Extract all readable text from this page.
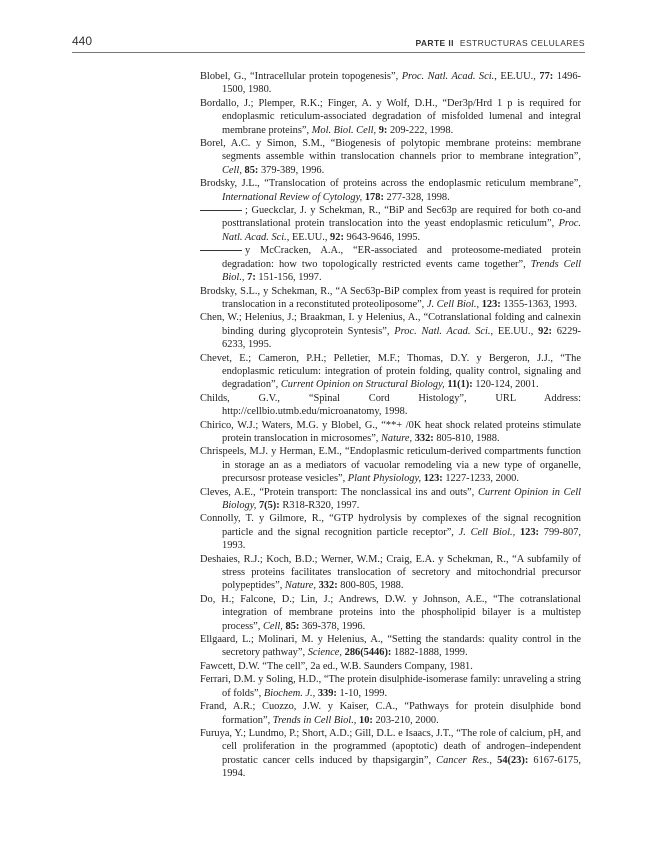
440	PARTE II ESTRUCTURAS CELULARES
Blobel, G., “Intracellular protein topogenesis”, Proc. Natl. Acad. Sci., EE.UU., 77: 1496-1500, 1980.
Bordallo, J.; Plemper, R.K.; Finger, A. y Wolf, D.H., “Der3p/Hrd 1 p is required for endoplasmic reticulum-associated degradation of misfolded lumenal and integral membrane proteins”, Mol. Biol. Cell, 9: 209-222, 1998.
Borel, A.C. y Simon, S.M., “Biogenesis of polytopic membrane proteins: membrane segments assemble within translocation channels prior to membrane integration”, Cell, 85: 379-389, 1996.
Brodsky, J.L., “Translocation of proteins across the endoplasmic reticulum membrane”, International Review of Cytology, 178: 277-328, 1998.
; Gueckclar, J. y Schekman, R., “BiP and Sec63p are required for both co-and posttranslational protein translocation into the yeast endoplasmic reticulum”, Proc. Natl. Acad. Sci., EE.UU., 92: 9643-9646, 1995.
y McCracken, A.A., “ER-associated and proteosome-mediated protein degradation: how two topologically restricted events came together”, Trends Cell Biol., 7: 151-156, 1997.
Brodsky, S.L., y Schekman, R., “A Sec63p-BiP complex from yeast is required for protein translocation in a reconstituted proteoliposome”, J. Cell Biol., 123: 1355-1363, 1993.
Chen, W.; Helenius, J.; Braakman, I. y Helenius, A., “Cotranslational folding and calnexin binding during glycoprotein Syntesis”, Proc. Natl. Acad. Sci., EE.UU., 92: 6229-6233, 1995.
Chevet, E.; Cameron, P.H.; Pelletier, M.F.; Thomas, D.Y. y Bergeron, J.J., “The endoplasmic reticulum: integration of protein folding, quality control, signaling and degradation”, Current Opinion on Structural Biology, 11(1): 120-124, 2001.
Childs, G.V., “Spinal Cord Histology”, URL Address: http://cellbio.utmb.edu/microanatomy, 1998.
Chirico, W.J.; Waters, M.G. y Blobel, G., “**+ /0K heat shock related proteins stimulate protein translocation in microsomes”, Nature, 332: 805-810, 1988.
Chrispeels, M.J. y Herman, E.M., “Endoplasmic reticulum-derived compartments function in storage an as a mediators of vacuolar remodeling via a new type of organelle, precursosr protease vesicles”, Plant Physiology, 123: 1227-1233, 2000.
Cleves, A.E., “Protein transport: The nonclassical ins and outs”, Current Opinion in Cell Biology, 7(5): R318-R320, 1997.
Connolly, T. y Gilmore, R., “GTP hydrolysis by complexes of the signal recognition particle and the signal recognition particle receptor”, J. Cell Biol., 123: 799-807, 1993.
Deshaies, R.J.; Koch, B.D.; Werner, W.M.; Craig, E.A. y Schekman, R., “A subfamily of stress proteins facilitates translocation of secretory and mitochondrial precursor polypeptides”, Nature, 332: 800-805, 1988.
Do, H.; Falcone, D.; Lin, J.; Andrews, D.W. y Johnson, A.E., “The cotranslational integration of membrane proteins into the phospholipid bilayer is a multistep process”, Cell, 85: 369-378, 1996.
Ellgaard, L.; Molinari, M. y Helenius, A., “Setting the standards: quality control in the secretory pathway”, Science, 286(5446): 1882-1888, 1999.
Fawcett, D.W. “The cell”, 2a ed., W.B. Saunders Company, 1981.
Ferrari, D.M. y Soling, H.D., “The protein disulphide-isomerase family: unraveling a string of folds”, Biochem. J., 339: 1-10, 1999.
Frand, A.R.; Cuozzo, J.W. y Kaiser, C.A., “Pathways for protein disulphide bond formation”, Trends in Cell Biol., 10: 203-210, 2000.
Furuya, Y.; Lundmo, P.; Short, A.D.; Gill, D.L. e Isaacs, J.T., “The role of calcium, pH, and cell proliferation in the programmed (apoptotic) death of androgen–independent prostatic cancer cells induced by thapsigargin”, Cancer Res., 54(23): 6167-6175, 1994.
